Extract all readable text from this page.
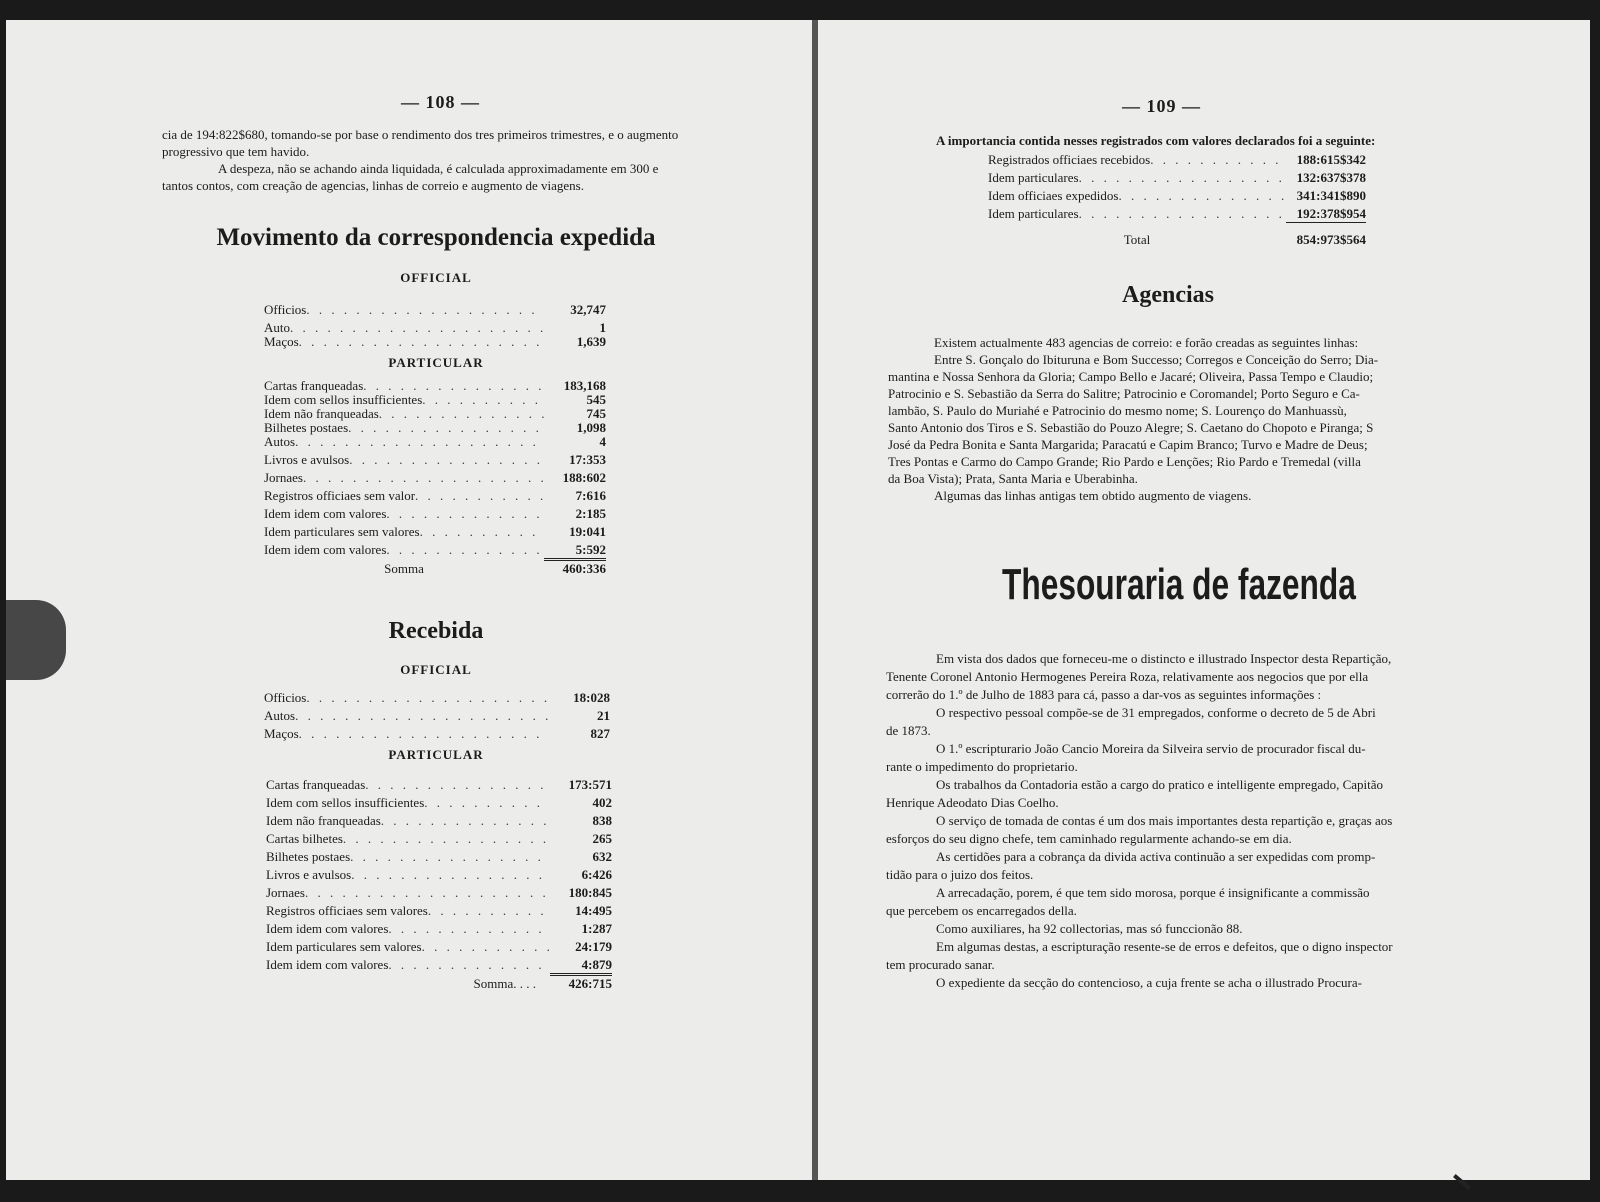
— 108 —
cia de 194:822$680, tomando-se por base o rendimento dos tres primeiros trimestres, e o augmento
progressivo que tem havido.
A despeza, não se achando ainda liquidada, é calculada approximadamente em 300 e
tantos contos, com creação de agencias, linhas de correio e augmento de viagens.
Movimento da correspondencia expedida
OFFICIAL
Officios . . .	32,747
Auto . . .	1
Maços . . .	1,639
PARTICULAR
Cartas franqueadas . . .	183,168
Idem com sellos insufficientes . . .	545
Idem não franqueadas . . .	745
Bilhetes postaes . . .	1,098
Autos . . .	4
Livros e avulsos . . .	17:353
Jornaes . . .	188:602
Registros officiaes sem valor . . .	7:616
Idem idem com valores . . .	2:185
Idem particulares sem valores . . .	19:041
Idem idem com valores . . .	5:592
Somma	460:336
Recebida
OFFICIAL
Officios . . .	18:028
Autos . . .	21
Maços . . .	827
PARTICULAR
Cartas franqueadas . . .	173:571
Idem com sellos insufficientes . . .	402
Idem não franqueadas . . .	838
Cartas bilhetes . . .	265
Bilhetes postaes . . .	632
Livros e avulsos . . .	6:426
Jornaes . . .	180:845
Registros officiaes sem valores . . .	14:495
Idem idem com valores . . .	1:287
Idem particulares sem valores . . .	24:179
Idem idem com valores . . .	4:879
Somma. . . .	426:715
— 109 —
A importancia contida nesses registrados com valores declarados foi a seguinte:
Registrados officiaes recebidos . . .	188:615$342
Idem particulares . . .	132:637$378
Idem officiaes expedidos . . .	341:341$890
Idem particulares . . .	192:378$954
Total	854:973$564
Agencias
Existem actualmente 483 agencias de correio: e forão creadas as seguintes linhas:
Entre S. Gonçalo do Ibituruna e Bom Successo; Corregos e Conceição do Serro; Dia-
mantina e Nossa Senhora da Gloria; Campo Bello e Jacaré; Oliveira, Passa Tempo e Claudio;
Patrocinio e S. Sebastião da Serra do Salitre; Patrocinio e Coromandel; Porto Seguro e Ca-
lambão, S. Paulo do Muriahé e Patrocinio do mesmo nome; S. Lourenço do Manhuassù,
Santo Antonio dos Tiros e S. Sebastião do Pouzo Alegre; S. Caetano do Chopoto e Piranga; S
José da Pedra Bonita e Santa Margarida; Paracatú e Capim Branco; Turvo e Madre de Deus;
Tres Pontas e Carmo do Campo Grande; Rio Pardo e Lenções; Rio Pardo e Tremedal (villa
da Boa Vista); Prata, Santa Maria e Uberabinha.
Algumas das linhas antigas tem obtido augmento de viagens.
Thesouraria de fazenda
Em vista dos dados que forneceu-me o distincto e illustrado Inspector desta Repartição,
Tenente Coronel Antonio Hermogenes Pereira Roza, relativamente aos negocios que por ella
correrão do 1.º de Julho de 1883 para cá, passo a dar-vos as seguintes informações :
O respectivo pessoal compõe-se de 31 empregados, conforme o decreto de 5 de Abri
de 1873.
O 1.º escripturario João Cancio Moreira da Silveira servio de procurador fiscal du-
rante o impedimento do proprietario.
Os trabalhos da Contadoria estão a cargo do pratico e intelligente empregado, Capitão
Henrique Adeodato Dias Coelho.
O serviço de tomada de contas é um dos mais importantes desta repartição e, graças aos
esforços do seu digno chefe, tem caminhado regularmente achando-se em dia.
As certidões para a cobrança da divida activa continuão a ser expedidas com promp-
tidão para o juizo dos feitos.
A arrecadação, porem, é que tem sido morosa, porque é insignificante a commissão
que percebem os encarregados della.
Como auxiliares, ha 92 collectorias, mas só funccionão 88.
Em algumas destas, a escripturação resente-se de erros e defeitos, que o digno inspector
tem procurado sanar.
O expediente da secção do contencioso, a cuja frente se acha o illustrado Procura-
